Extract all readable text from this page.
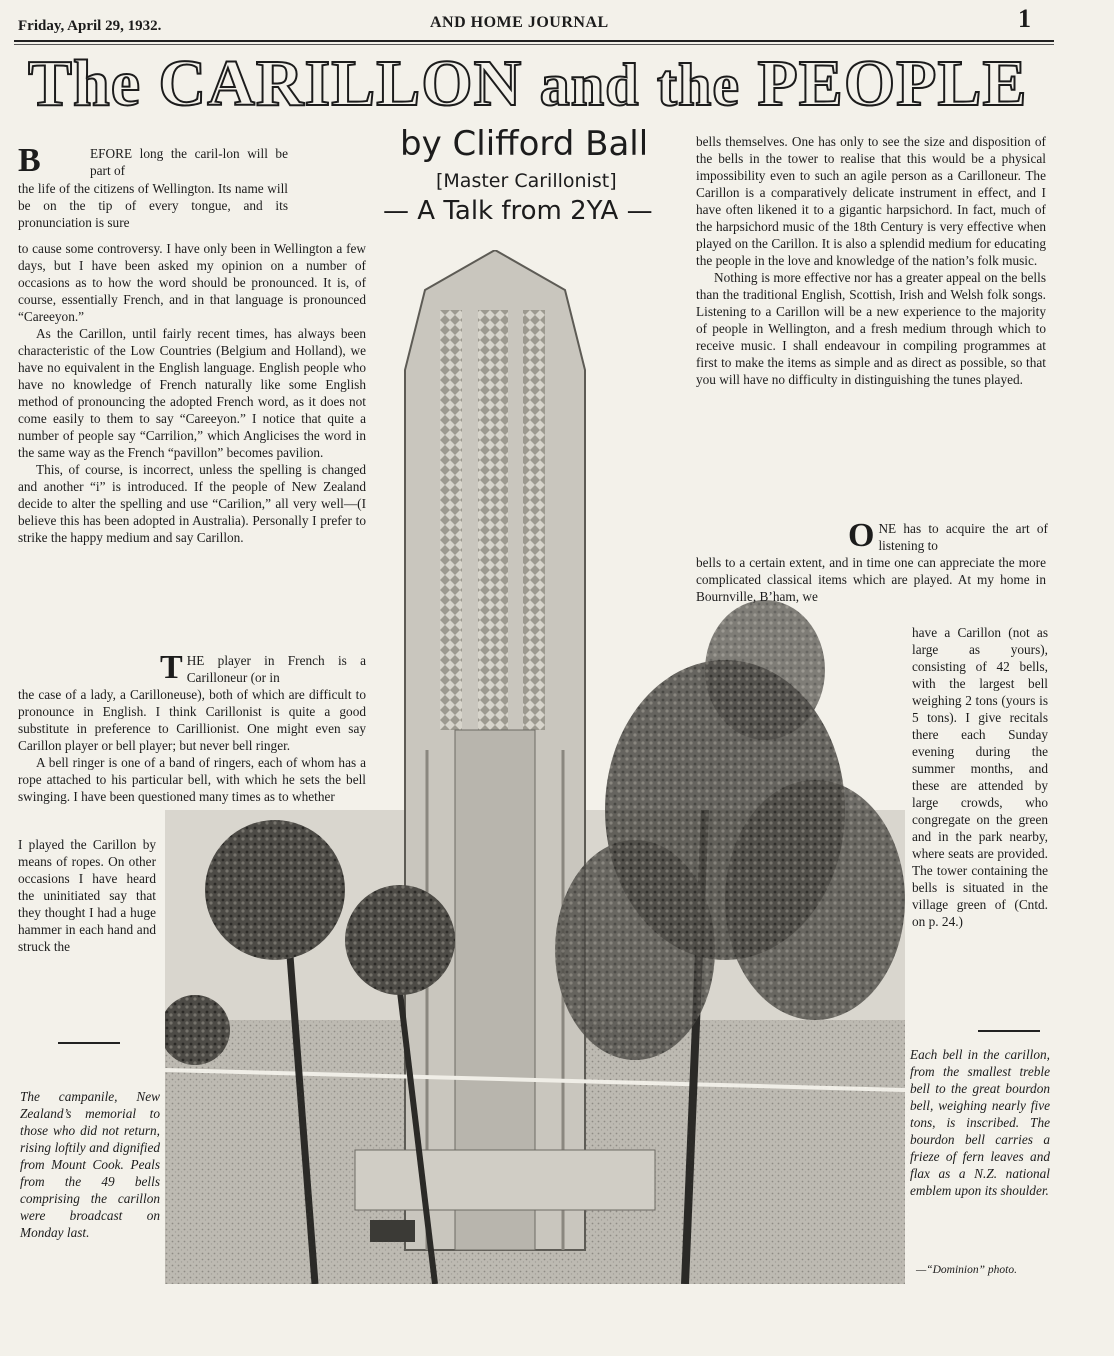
Friday, April 29, 1932.	AND HOME JOURNAL	1
The CARILLON and the PEOPLE
by Clifford Ball
[Master Carillonist]
— A Talk from 2YA —
B	EFORE long the caril-lon will be part of
the life of the citizens of Wellington. Its name will be on the tip of every tongue, and its pronunciation is sure

to cause some controversy. I have only been in Wellington a few days, but I have been asked my opinion on a number of occasions as to how the word should be pronounced. It is, of course, essentially French, and in that language is pronounced “Careeyon.”

As the Carillon, until fairly recent times, has always been characteristic of the Low Countries (Belgium and Holland), we have no equivalent in the English language. English people who have no knowledge of French naturally like some English method of pronouncing the adopted French word, as it does not come easily to them to say “Careeyon.” I notice that quite a number of people say “Carrilion,” which Anglicises the word in the same way as the French “pavillon” becomes pavilion.

This, of course, is incorrect, unless the spelling is changed and another “i” is introduced. If the people of New Zealand decide to alter the spelling and use “Carilion,” all very well—(I believe this has been adopted in Australia). Personally I prefer to strike the happy medium and say Carillon.

T HE player in French is a Carilloneur (or in

the case of a lady, a Carilloneuse), both of which are difficult to pronounce in English. I think Carillonist is quite a good substitute in preference to Carillionist. One might even say Carillon player or bell player; but never bell ringer.

A bell ringer is one of a band of ringers, each of whom has a rope attached to his particular bell, with which he sets the bell swinging. I have been questioned many times as to whether

I played the Carillon by means of ropes. On other occasions I have heard the uninitiated say that they thought I had a huge hammer in each hand and struck the

bells themselves. One has only to see the size and disposition of the bells in the tower to realise that this would be a physical impossibility even to such an agile person as a Carilloneur. The Carillon is a comparatively delicate instrument in effect, and I have often likened it to a gigantic harpsichord. In fact, much of the harpsichord music of the 18th Century is very effective when played on the Carillon. It is also a splendid medium for educating the people in the love and knowledge of the nation’s folk music.

Nothing is more effective nor has a greater appeal on the bells than the traditional English, Scottish, Irish and Welsh folk songs. Listening to a Carillon will be a new experience to the majority of people in Wellington, and a fresh medium through which to receive music. I shall endeavour in compiling programmes at first to make the items as simple and as direct as possible, so that you will have no difficulty in distinguishing the tunes played.

O NE has to acquire the art of listening to
bells to a certain extent, and in time one can appreciate the more complicated classical items which are played. At my home in Bournville, B’ham, we
have a Carillon (not as large as yours), consisting of 42 bells, with the largest bell weighing 2 tons (yours is 5 tons). I give recitals there each Sunday evening during the summer months, and these are attended by large crowds, who congregate on the green and in the park nearby, where seats are provided. The tower containing the bells is situated in the village green of (Cntd. on p. 24.)
The campanile, New Zealand’s memorial to those who did not return, rising loftily and dignified from Mount Cook. Peals from the 49 bells comprising the carillon were broadcast on Monday last.
Each bell in the carillon, from the smallest treble bell to the great bourdon bell, weighing nearly five tons, is inscribed. The bourdon bell carries a frieze of fern leaves and flax as a N.Z. national emblem upon its shoulder.
—“Dominion” photo.
